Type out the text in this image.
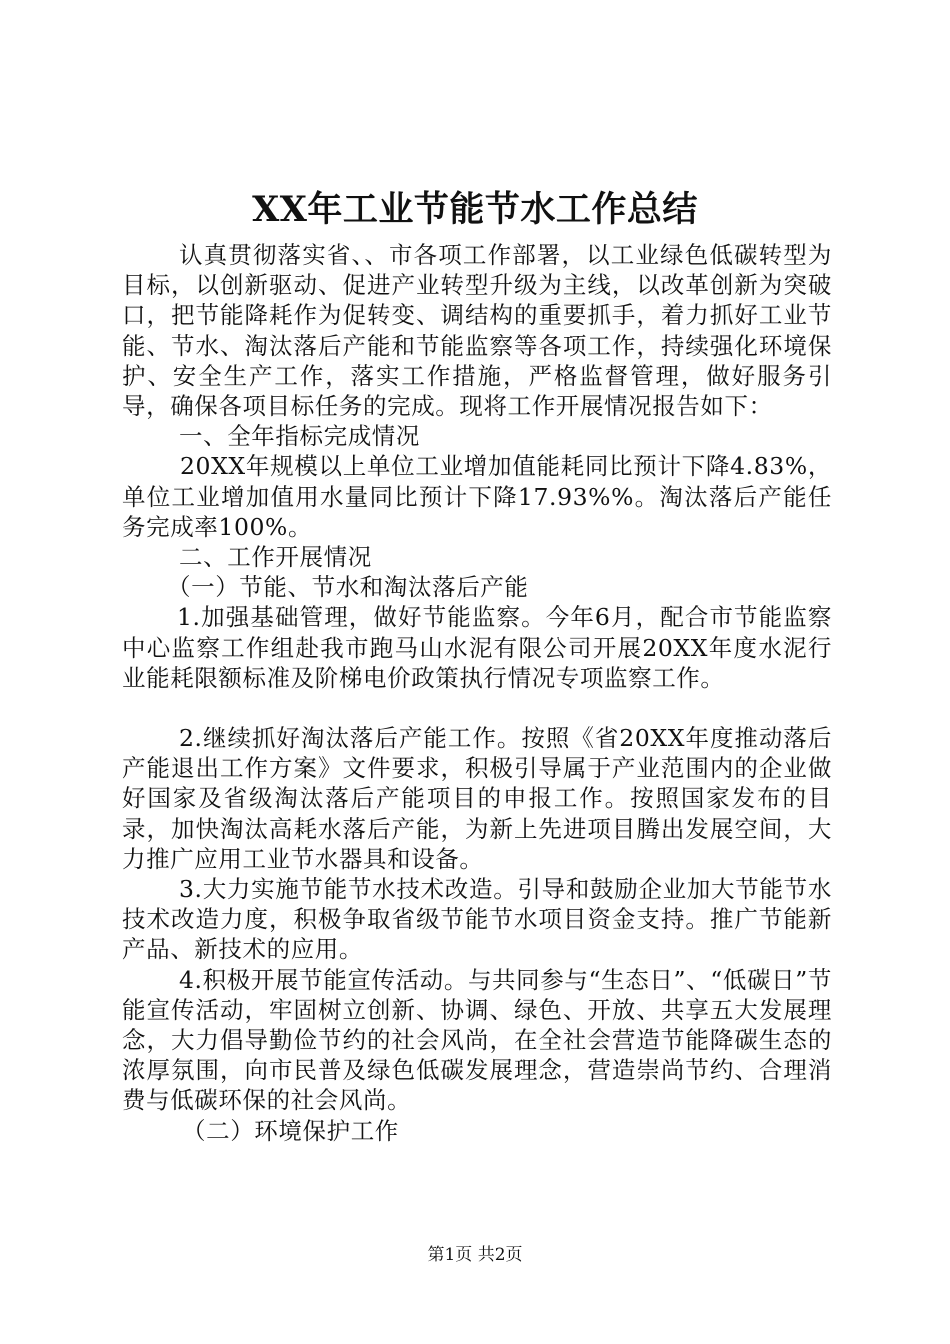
XX年工业节能节水工作总结

认真贯彻落实省、、市各项工作部署，以工业绿色低碳转型为目标，以创新驱动、促进产业转型升级为主线，以改革创新为突破口，把节能降耗作为促转变、调结构的重要抓手，着力抓好工业节能、节水、淘汰落后产能和节能监察等各项工作，持续强化环境保护、安全生产工作，落实工作措施，严格监督管理，做好服务引导，确保各项目标任务的完成。现将工作开展情况报告如下：

一、全年指标完成情况

20XX年规模以上单位工业增加值能耗同比预计下降4.83%，单位工业增加值用水量同比预计下降17.93%%。淘汰落后产能任务完成率100%。

二、工作开展情况

（一）节能、节水和淘汰落后产能

1.加强基础管理，做好节能监察。今年6月，配合市节能监察中心监察工作组赴我市跑马山水泥有限公司开展20XX年度水泥行业能耗限额标准及阶梯电价政策执行情况专项监察工作。

2.继续抓好淘汰落后产能工作。按照《省20XX年度推动落后产能退出工作方案》文件要求，积极引导属于产业范围内的企业做好国家及省级淘汰落后产能项目的申报工作。按照国家发布的目录，加快淘汰高耗水落后产能，为新上先进项目腾出发展空间，大力推广应用工业节水器具和设备。

3.大力实施节能节水技术改造。引导和鼓励企业加大节能节水技术改造力度，积极争取省级节能节水项目资金支持。推广节能新产品、新技术的应用。

4.积极开展节能宣传活动。与共同参与“生态日”、“低碳日”节能宣传活动，牢固树立创新、协调、绿色、开放、共享五大发展理念，大力倡导勤俭节约的社会风尚，在全社会营造节能降碳生态的浓厚氛围，向市民普及绿色低碳发展理念，营造崇尚节约、合理消费与低碳环保的社会风尚。

（二）环境保护工作

第1页 共2页
